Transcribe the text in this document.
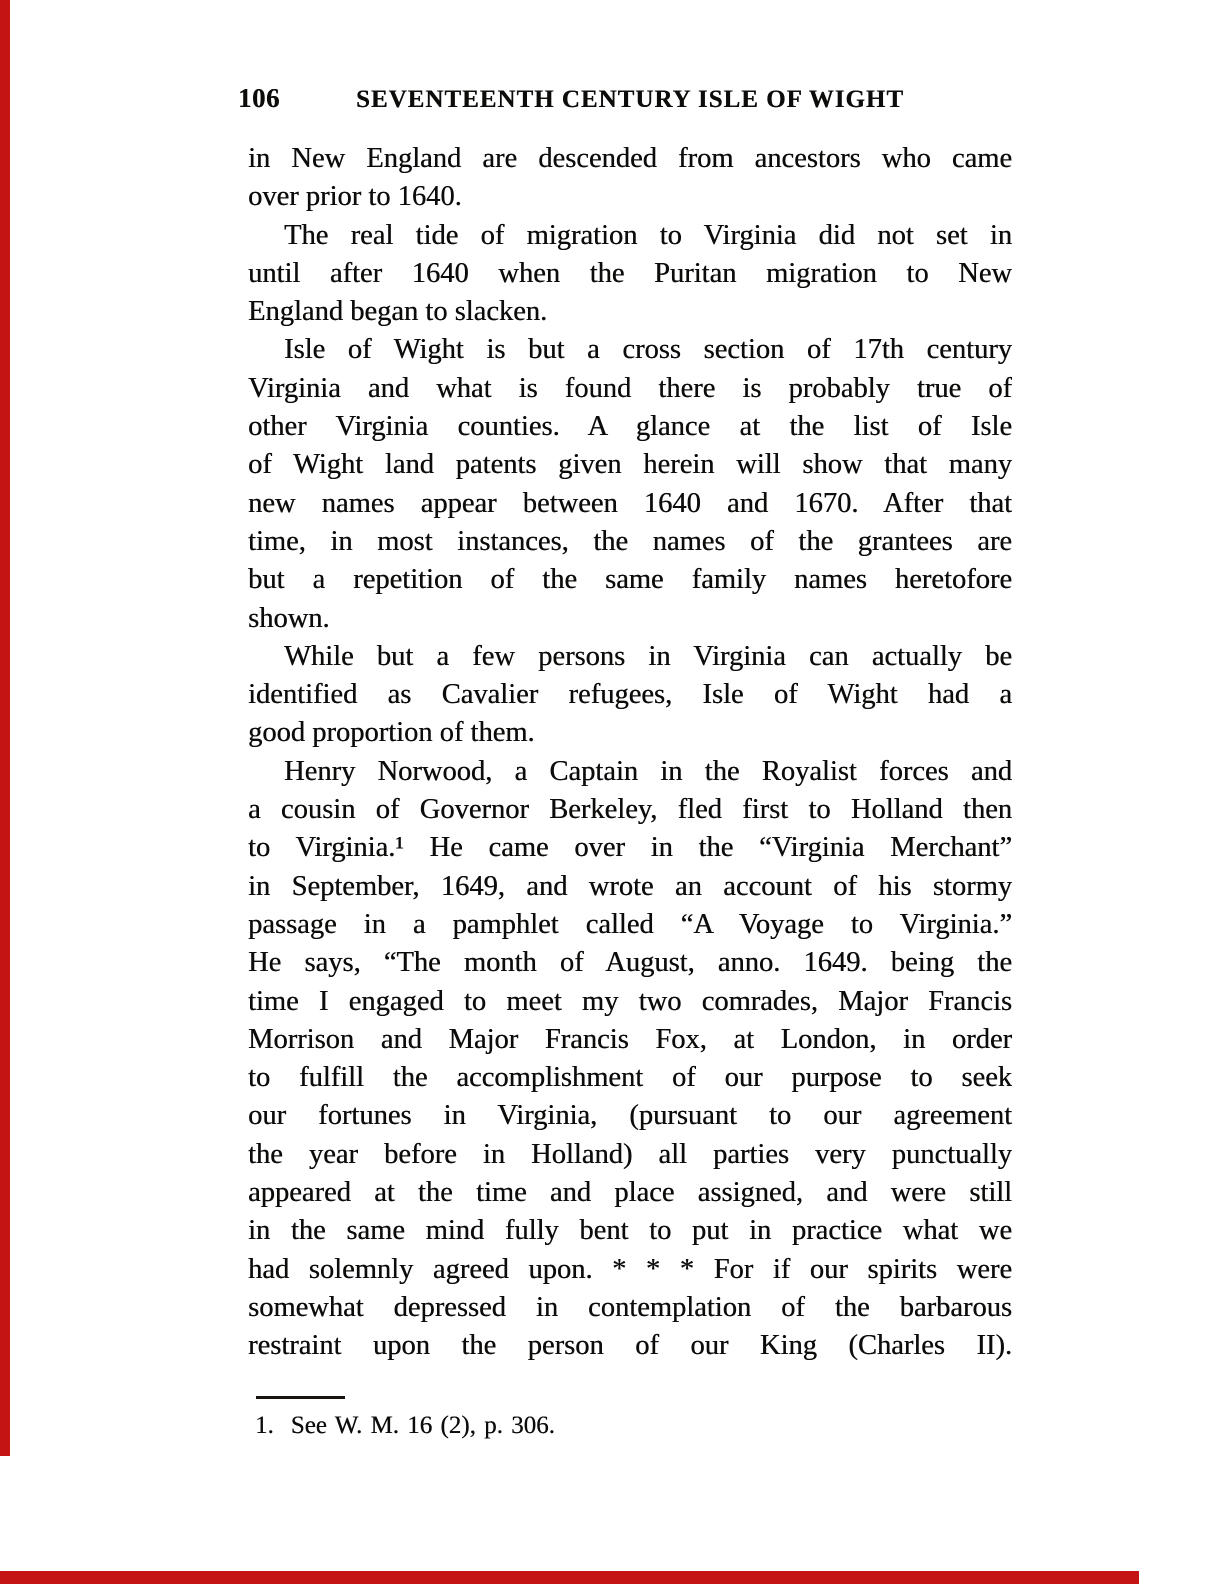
106	SEVENTEENTH CENTURY ISLE OF WIGHT
in New England are descended from ancestors who came
over prior to 1640.
The real tide of migration to Virginia did not set in
until after 1640 when the Puritan migration to New
England began to slacken.
Isle of Wight is but a cross section of 17th century
Virginia and what is found there is probably true of
other Virginia counties. A glance at the list of Isle
of Wight land patents given herein will show that many
new names appear between 1640 and 1670. After that
time, in most instances, the names of the grantees are
but a repetition of the same family names heretofore
shown.
While but a few persons in Virginia can actually be
identified as Cavalier refugees, Isle of Wight had a
good proportion of them.
Henry Norwood, a Captain in the Royalist forces and
a cousin of Governor Berkeley, fled first to Holland then
to Virginia.¹ He came over in the “Virginia Merchant”
in September, 1649, and wrote an account of his stormy
passage in a pamphlet called “A Voyage to Virginia.”
He says, “The month of August, anno. 1649. being the
time I engaged to meet my two comrades, Major Francis
Morrison and Major Francis Fox, at London, in order
to fulfill the accomplishment of our purpose to seek
our fortunes in Virginia, (pursuant to our agreement
the year before in Holland) all parties very punctually
appeared at the time and place assigned, and were still
in the same mind fully bent to put in practice what we
had solemnly agreed upon. * * * For if our spirits were
somewhat depressed in contemplation of the barbarous
restraint upon the person of our King (Charles II).
1. See W. M. 16 (2), p. 306.
